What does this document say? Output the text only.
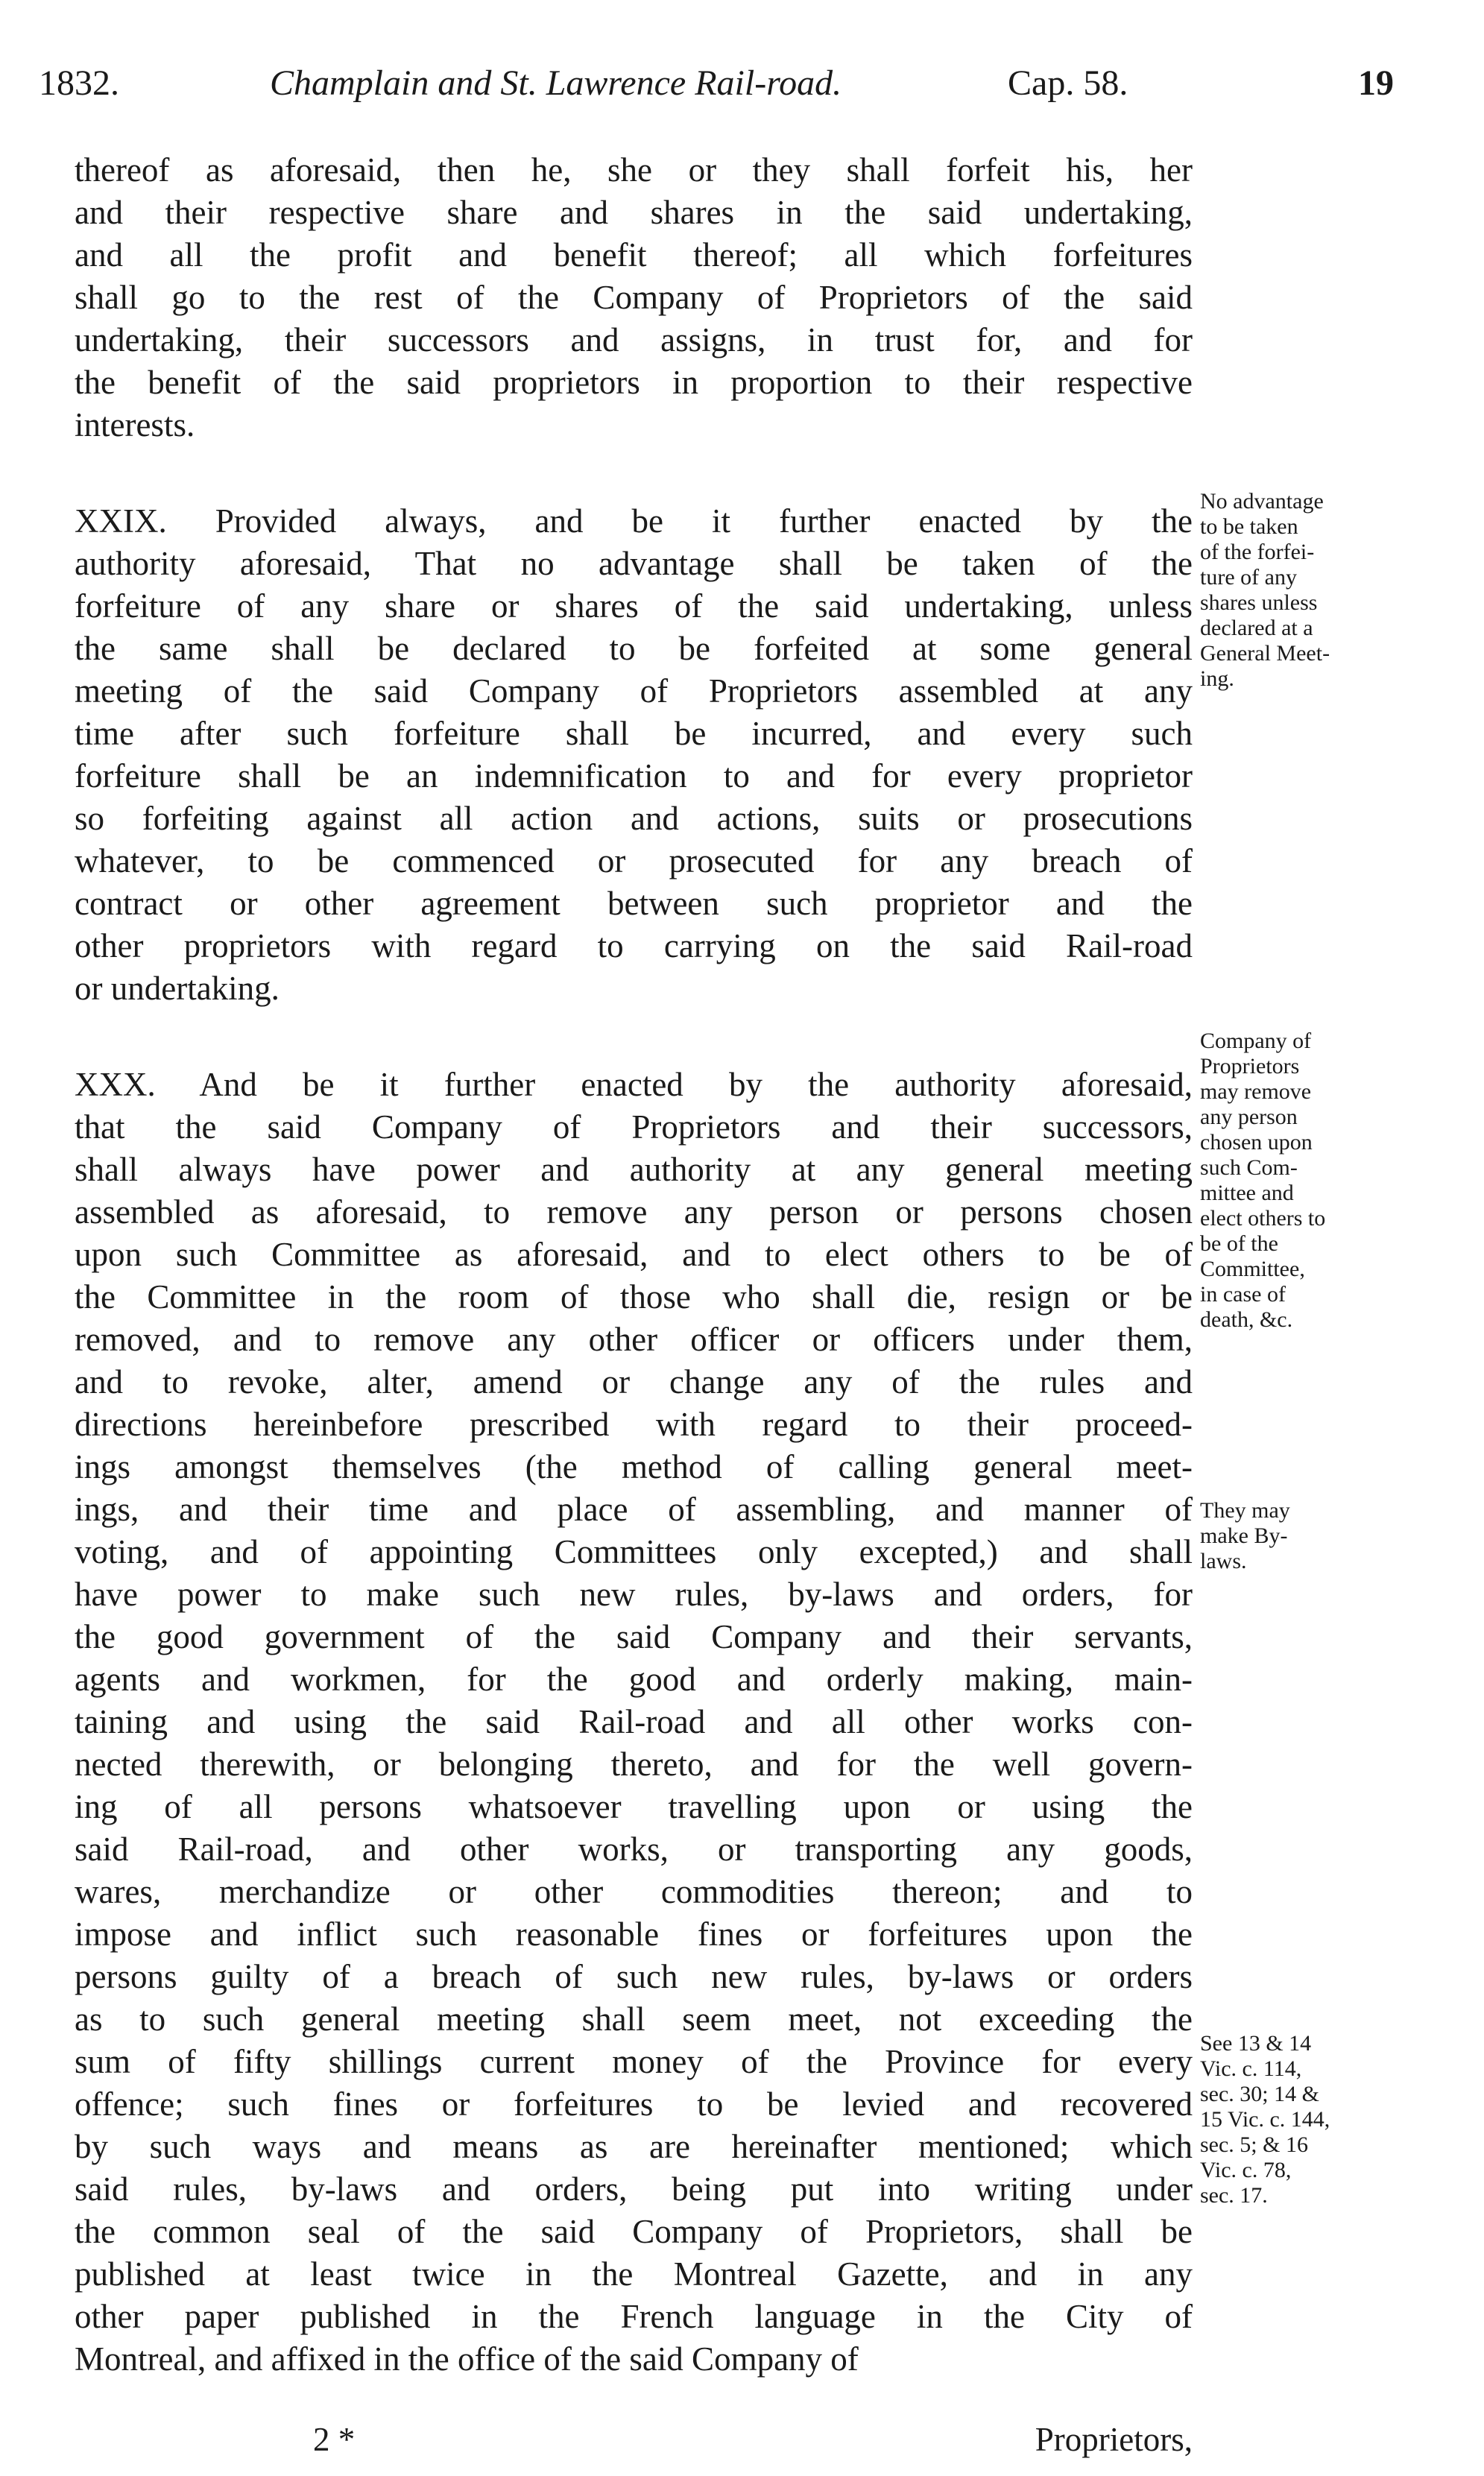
1832.	Champlain and St. Lawrence Rail-road.	Cap. 58.	19
thereof as aforesaid, then he, she or they shall forfeit his, her
and their respective share and shares in the said undertaking,
and all the profit and benefit thereof; all which forfeitures
shall go to the rest of the Company of Proprietors of the said
undertaking, their successors and assigns, in trust for, and for
the benefit of the said proprietors in proportion to their respective
interests.
XXIX. Provided always, and be it further enacted by the
authority aforesaid, That no advantage shall be taken of the
forfeiture of any share or shares of the said undertaking, unless
the same shall be declared to be forfeited at some general
meeting of the said Company of Proprietors assembled at any
time after such forfeiture shall be incurred, and every such
forfeiture shall be an indemnification to and for every proprietor
so forfeiting against all action and actions, suits or prosecutions
whatever, to be commenced or prosecuted for any breach of
contract or other agreement between such proprietor and the
other proprietors with regard to carrying on the said Rail-road
or undertaking.
XXX. And be it further enacted by the authority aforesaid,
that the said Company of Proprietors and their successors,
shall always have power and authority at any general meeting
assembled as aforesaid, to remove any person or persons chosen
upon such Committee as aforesaid, and to elect others to be of
the Committee in the room of those who shall die, resign or be
removed, and to remove any other officer or officers under them,
and to revoke, alter, amend or change any of the rules and
directions hereinbefore prescribed with regard to their proceed-
ings amongst themselves (the method of calling general meet-
ings, and their time and place of assembling, and manner of
voting, and of appointing Committees only excepted,) and shall
have power to make such new rules, by-laws and orders, for
the good government of the said Company and their servants,
agents and workmen, for the good and orderly making, main-
taining and using the said Rail-road and all other works con-
nected therewith, or belonging thereto, and for the well govern-
ing of all persons whatsoever travelling upon or using the
said Rail-road, and other works, or transporting any goods,
wares, merchandize or other commodities thereon; and to
impose and inflict such reasonable fines or forfeitures upon the
persons guilty of a breach of such new rules, by-laws or orders
as to such general meeting shall seem meet, not exceeding the
sum of fifty shillings current money of the Province for every
offence; such fines or forfeitures to be levied and recovered
by such ways and means as are hereinafter mentioned; which
said rules, by-laws and orders, being put into writing under
the common seal of the said Company of Proprietors, shall be
published at least twice in the Montreal Gazette, and in any
other paper published in the French language in the City of
Montreal, and affixed in the office of the said Company of
No advantage
to be taken
of the forfei-
ture of any
shares unless
declared at a
General Meet-
ing.
Company of
Proprietors
may remove
any person
chosen upon
such Com-
mittee and
elect others to
be of the
Committee,
in case of
death, &c.
They may
make By-
laws.
See 13 & 14
Vic. c. 114,
sec. 30; 14 &
15 Vic. c. 144,
sec. 5; & 16
Vic. c. 78,
sec. 17.
2 *	Proprietors,
